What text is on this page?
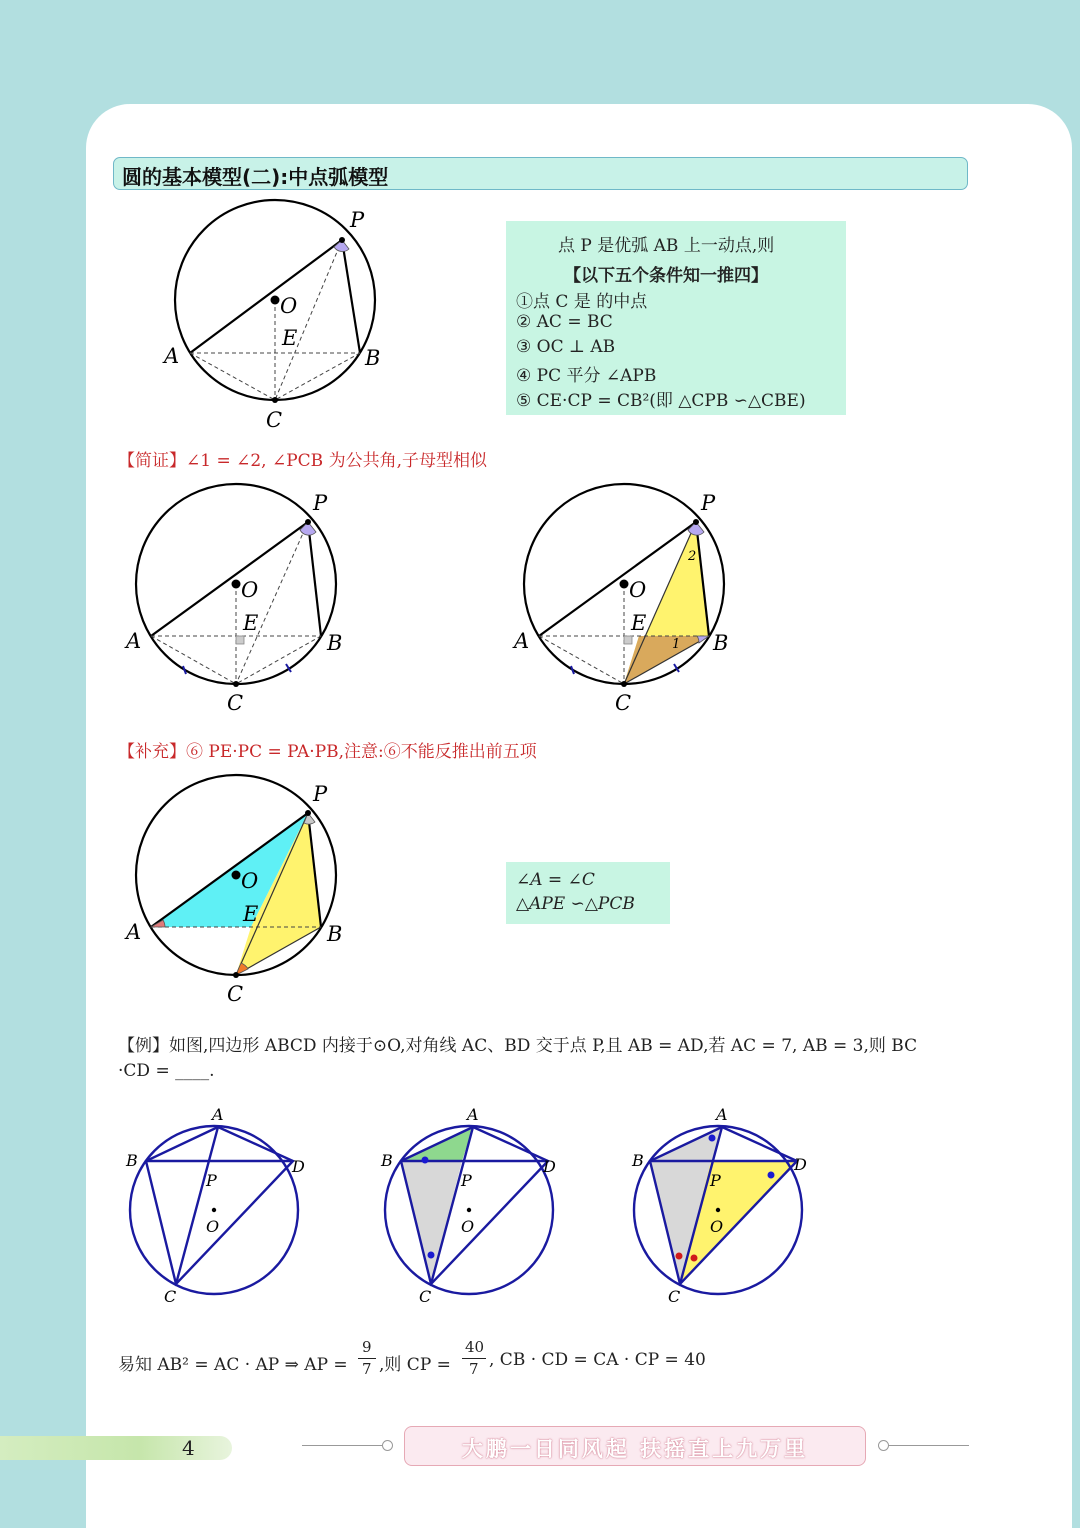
圆的基本模型(二):中点弧模型
P
O
E
A	B
C
点 P 是优弧 AB 上一动点,则
【以下五个条件知一推四】
①点 C 是 的中点
② AC = BC
③ OC ⊥ AB
④ PC 平分 ∠APB
⑤ CE·CP = CB²(即 △CPB ∽△CBE)
【简证】∠1 = ∠2, ∠PCB 为公共角,子母型相似
P
O
E
A	B
C
P
O
E
A	B
C
2
1
【补充】⑥ PE·PC = PA·PB,注意:⑥不能反推出前五项
P
O
E
A	B
C
∠A = ∠C
△APE ∽△PCB
【例】如图,四边形 ABCD 内接于⊙O,对角线 AC、BD 交于点 P,且 AB = AD,若 AC = 7, AB = 3,则 BC
·CD = ____.
A
B	D
P
O
C
A
B	D
P
O
C
A
B	D
P
O
C
易知 AB² = AC · AP ⇒ AP =
9
7 ,则 CP =
40
7 , CB · CD = CA · CP = 40
4	大鹏一日同风起 扶摇直上九万里
